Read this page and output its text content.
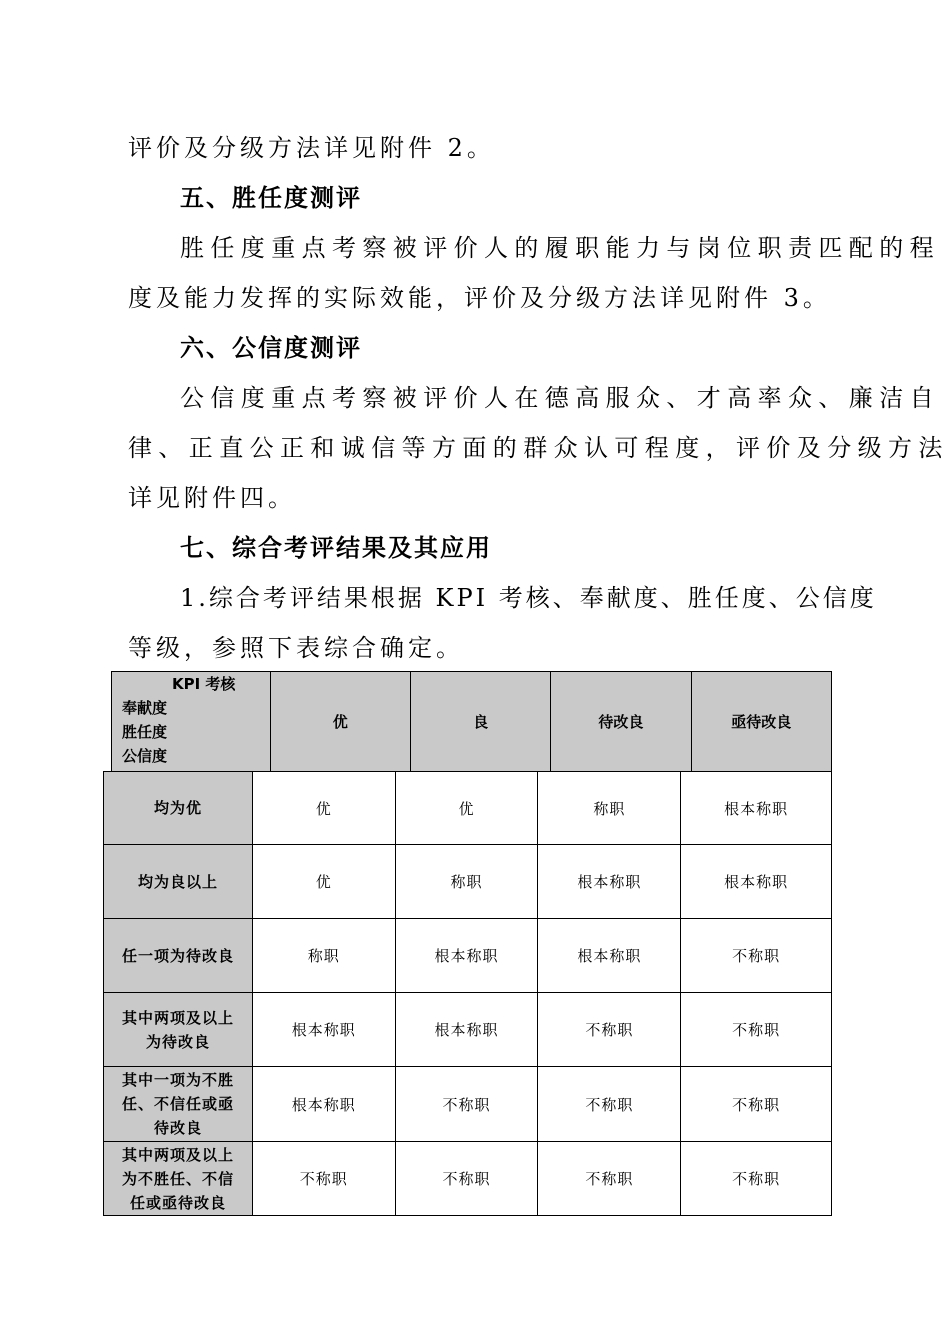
评价及分级方法详见附件 2。
五、胜任度测评
胜任度重点考察被评价人的履职能力与岗位职责匹配的程
度及能力发挥的实际效能，评价及分级方法详见附件 3。
六、公信度测评
公信度重点考察被评价人在德高服众、才高率众、廉洁自
律、正直公正和诚信等方面的群众认可程度，评价及分级方法
详见附件四。
七、综合考评结果及其应用
1.综合考评结果根据 KPI 考核、奉献度、胜任度、公信度
等级，参照下表综合确定。
KPI 考核
奉献度
胜任度
公信度
	优	良	待改良	亟待改良
均为优	优	优	称职	根本称职

均为良以上	优	称职	根本称职	根本称职

任一项为待改良	称职	根本称职	根本称职	不称职

其中两项及以上
为待改良	根本称职	根本称职	不称职	不称职

其中一项为不胜
任、不信任或亟
待改良	根本称职	不称职	不称职	不称职

其中两项及以上
为不胜任、不信
任或亟待改良	不称职	不称职	不称职	不称职
